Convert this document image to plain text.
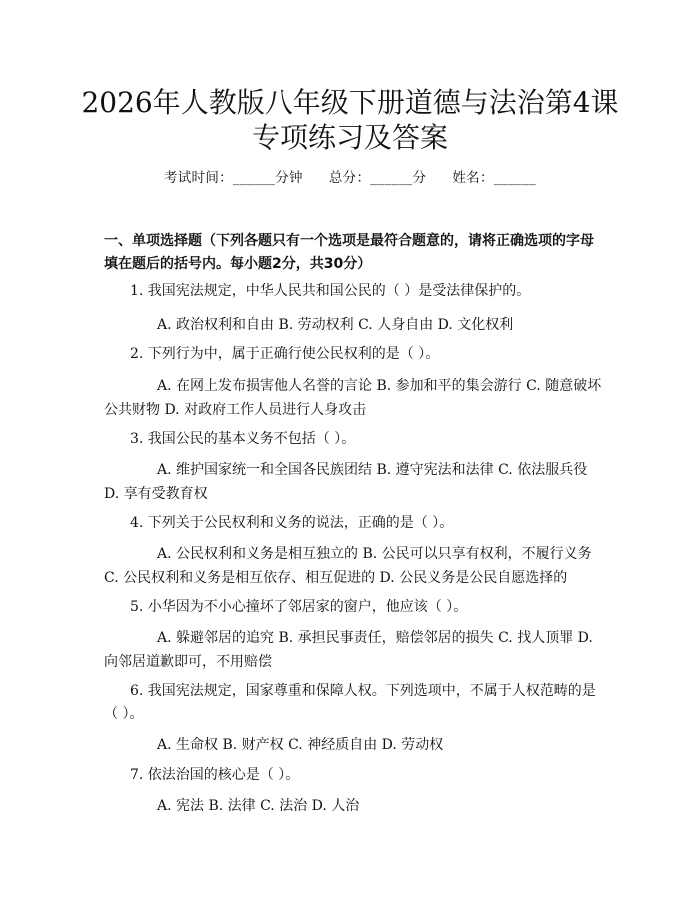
2026年人教版八年级下册道德与法治第4课
专项练习及答案
考试时间：______分钟 总分：______分 姓名：______
一、单项选择题（下列各题只有一个选项是最符合题意的，请将正确选项的字母填在题后的括号内。每小题2分，共30分）
1. 我国宪法规定，中华人民共和国公民的（ ）是受法律保护的。
A. 政治权利和自由 B. 劳动权利 C. 人身自由 D. 文化权利
2. 下列行为中，属于正确行使公民权利的是（ ）。
A. 在网上发布损害他人名誉的言论 B. 参加和平的集会游行 C. 随意破坏公共财物 D. 对政府工作人员进行人身攻击
3. 我国公民的基本义务不包括（ ）。
A. 维护国家统一和全国各民族团结 B. 遵守宪法和法律 C. 依法服兵役 D. 享有受教育权
4. 下列关于公民权利和义务的说法，正确的是（ ）。
A. 公民权利和义务是相互独立的 B. 公民可以只享有权利，不履行义务 C. 公民权利和义务是相互依存、相互促进的 D. 公民义务是公民自愿选择的
5. 小华因为不小心撞坏了邻居家的窗户，他应该（ ）。
A. 躲避邻居的追究 B. 承担民事责任，赔偿邻居的损失 C. 找人顶罪 D. 向邻居道歉即可，不用赔偿
6. 我国宪法规定，国家尊重和保障人权。下列选项中，不属于人权范畴的是（ ）。
A. 生命权 B. 财产权 C. 神经质自由 D. 劳动权
7. 依法治国的核心是（ ）。
A. 宪法 B. 法律 C. 法治 D. 人治
